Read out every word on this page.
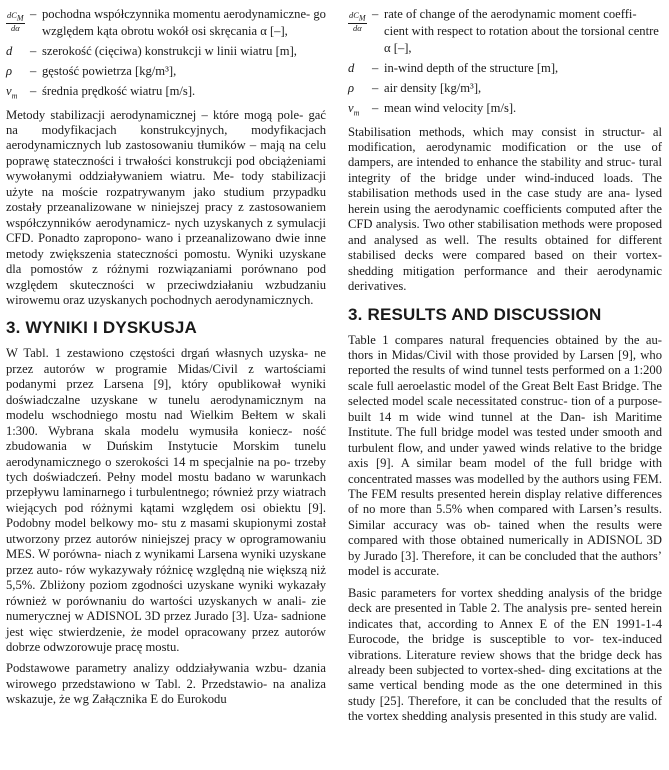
$\frac{dC_M}{d\alpha}$ – pochodna współczynnika momentu aerodynamiczne- go względem kąta obrotu wokół osi skręcania α [–],
d	– szerokość (cięciwa) konstrukcji w linii wiatru [m],
ρ	– gęstość powietrza [kg/m³],
$v_m$	– średnia prędkość wiatru [m/s].

Metody stabilizacji aerodynamicznej – które mogą pole- gać na modyfikacjach konstrukcyjnych, modyfikacjach aerodynamicznych lub zastosowaniu tłumików – mają na celu poprawę stateczności i trwałości konstrukcji pod obciążeniami wywołanymi oddziaływaniem wiatru. Me- tody stabilizacji użyte na moście rozpatrywanym jako studium przypadku zostały przeanalizowane w niniejszej pracy z zastosowaniem współczynników aerodynamicz- nych uzyskanych z symulacji CFD. Ponadto zapropono- wano i przeanalizowano dwie inne metody zwiększenia stateczności pomostu. Wyniki uzyskane dla pomostów z różnymi rozwiązaniami porównano pod względem skuteczności w przeciwdziałaniu wzbudzaniu wirowemu oraz uzyskanych pochodnych aerodynamicznych.

3. WYNIKI I DYSKUSJA

W Tabl. 1 zestawiono częstości drgań własnych uzyska- ne przez autorów w programie Midas/Civil z wartościami podanymi przez Larsena [9], który opublikował wyniki doświadczalne uzyskane w tunelu aerodynamicznym na modelu wschodniego mostu nad Wielkim Bełtem w skali 1:300. Wybrana skala modelu wymusiła koniecz- ność zbudowania w Duńskim Instytucie Morskim tunelu aerodynamicznego o szerokości 14 m specjalnie na po- trzeby tych doświadczeń. Pełny model mostu badano w warunkach przepływu laminarnego i turbulentnego; również przy wiatrach wiejących pod różnymi kątami względem osi obiektu [9]. Podobny model belkowy mo- stu z masami skupionymi został utworzony przez autorów niniejszej pracy w oprogramowaniu MES. W porówna- niach z wynikami Larsena wyniki uzyskane przez auto- rów wykazywały różnicę względną nie większą niż 5,5%. Zbliżony poziom zgodności uzyskane wyniki wykazały również w porównaniu do wartości uzyskanych w anali- zie numerycznej w ADISNOL 3D przez Jurado [3]. Uza- sadnione jest więc stwierdzenie, że model opracowany przez autorów dobrze odwzorowuje pracę mostu.

Podstawowe parametry analizy oddziaływania wzbu- dzania wirowego przedstawiono w Tabl. 2. Przedstawio- na analiza wskazuje, że wg Załącznika E do Eurokodu

$\frac{dC_M}{d\alpha}$ – rate of change of the aerodynamic moment coeffi- cient with respect to rotation about the torsional centre α [–],
d	– in-wind depth of the structure [m],
ρ	– air density [kg/m³],
$v_m$	– mean wind velocity [m/s].

Stabilisation methods, which may consist in structur- al modification, aerodynamic modification or the use of dampers, are intended to enhance the stability and struc- tural integrity of the bridge under wind-induced loads. The stabilisation methods used in the case study are ana- lysed herein using the aerodynamic coefficients computed after the CFD analysis. Two other stabilisation methods were proposed and analysed as well. The results obtained for different stabilised decks were compared based on their vortex-shedding mitigation performance and their aerodynamic derivatives.

3. RESULTS AND DISCUSSION

Table 1 compares natural frequencies obtained by the au- thors in Midas/Civil with those provided by Larsen [9], who reported the results of wind tunnel tests performed on a 1:200 scale full aeroelastic model of the Great Belt East Bridge. The selected model scale necessitated construc- tion of a purpose-built 14 m wide wind tunnel at the Dan- ish Maritime Institute. The full bridge model was tested under smooth and turbulent flow, and under yawed winds relative to the bridge axis [9]. A similar beam model of the full bridge with concentrated masses was modelled by the authors using FEM. The FEM results presented herein display relative differences of no more than 5.5% when compared with Larsen’s results. Similar accuracy was ob- tained when the results were compared with those obtained numerically in ADISNOL 3D by Jurado [3]. Therefore, it can be concluded that the authors’ model is accurate.

Basic parameters for vortex shedding analysis of the bridge deck are presented in Table 2. The analysis pre- sented herein indicates that, according to Annex E of the EN 1991-1-4 Eurocode, the bridge is susceptible to vor- tex-induced vibrations. Literature review shows that the bridge deck has already been subjected to vortex-shed- ding excitations at the same vertical bending mode as the one determined in this study [25]. Therefore, it can be concluded that the results of the vortex shedding analysis presented in this study are valid.
